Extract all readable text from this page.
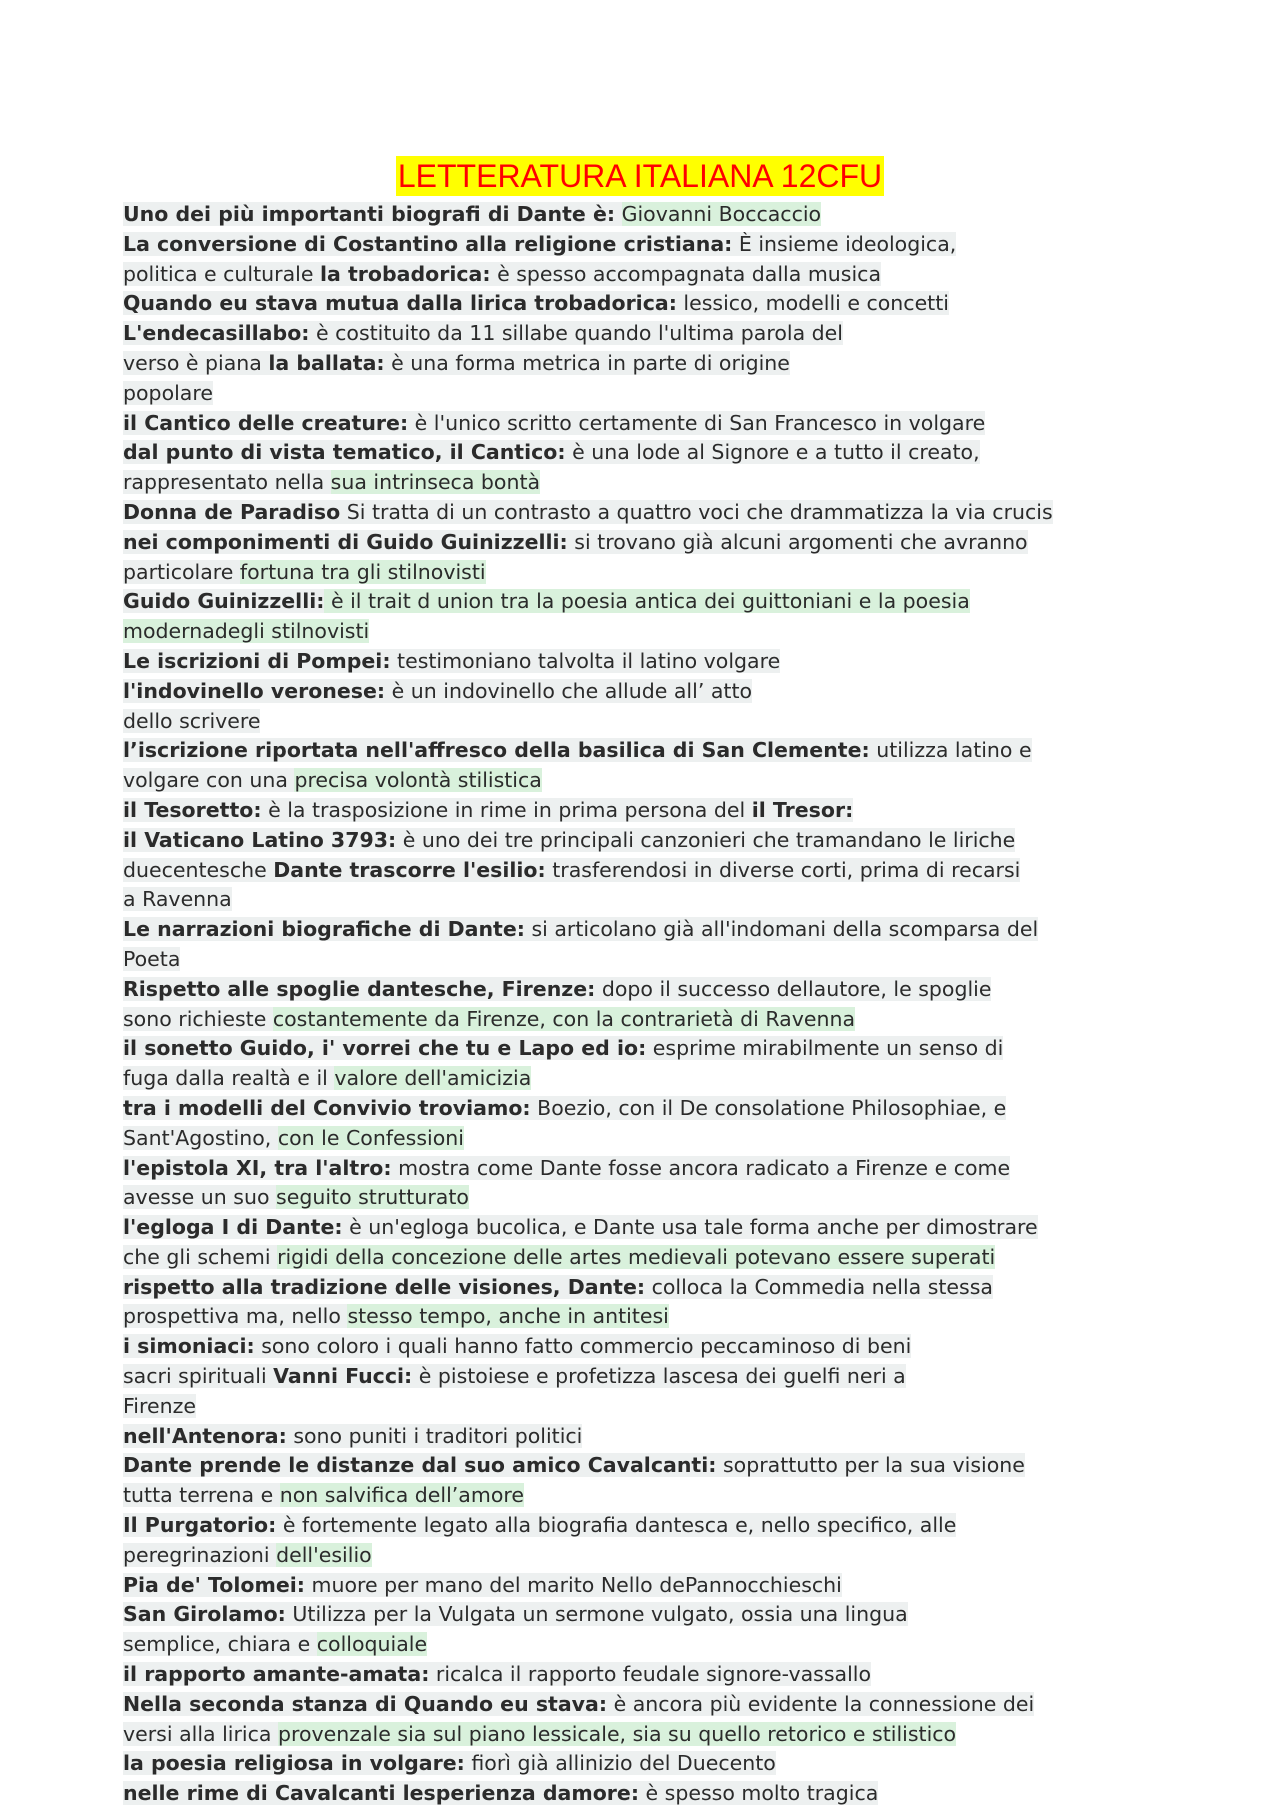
LETTERATURA ITALIANA 12CFU
Uno dei più importanti biografi di Dante è: Giovanni Boccaccio
La conversione di Costantino alla religione cristiana: È insieme ideologica,
politica e culturale la trobadorica: è spesso accompagnata dalla musica
Quando eu stava mutua dalla lirica trobadorica: lessico, modelli e concetti
L'endecasillabo: è costituito da 11 sillabe quando l'ultima parola del
verso è piana la ballata: è una forma metrica in parte di origine
popolare
il Cantico delle creature: è l'unico scritto certamente di San Francesco in volgare
dal punto di vista tematico, il Cantico: è una lode al Signore e a tutto il creato,
rappresentato nella sua intrinseca bontà
Donna de Paradiso Si tratta di un contrasto a quattro voci che drammatizza la via crucis
nei componimenti di Guido Guinizzelli: si trovano già alcuni argomenti che avranno
particolare fortuna tra gli stilnovisti
Guido Guinizzelli: è il trait d union tra la poesia antica dei guittoniani e la poesia
modernadegli stilnovisti
Le iscrizioni di Pompei: testimoniano talvolta il latino volgare
l'indovinello veronese: è un indovinello che allude all’ atto
dello scrivere
l’iscrizione riportata nell'affresco della basilica di San Clemente: utilizza latino e
volgare con una precisa volontà stilistica
il Tesoretto: è la trasposizione in rime in prima persona del il Tresor:
il Vaticano Latino 3793: è uno dei tre principali canzonieri che tramandano le liriche
duecentesche Dante trascorre l'esilio: trasferendosi in diverse corti, prima di recarsi
a Ravenna
Le narrazioni biografiche di Dante: si articolano già all'indomani della scomparsa del
Poeta
Rispetto alle spoglie dantesche, Firenze: dopo il successo dellautore, le spoglie
sono richieste costantemente da Firenze, con la contrarietà di Ravenna
il sonetto Guido, i' vorrei che tu e Lapo ed io: esprime mirabilmente un senso di
fuga dalla realtà e il valore dell'amicizia
tra i modelli del Convivio troviamo: Boezio, con il De consolatione Philosophiae, e
Sant'Agostino, con le Confessioni
l'epistola XI, tra l'altro: mostra come Dante fosse ancora radicato a Firenze e come
avesse un suo seguito strutturato
l'egloga I di Dante: è un'egloga bucolica, e Dante usa tale forma anche per dimostrare
che gli schemi rigidi della concezione delle artes medievali potevano essere superati
rispetto alla tradizione delle visiones, Dante: colloca la Commedia nella stessa
prospettiva ma, nello stesso tempo, anche in antitesi
i simoniaci: sono coloro i quali hanno fatto commercio peccaminoso di beni
sacri spirituali Vanni Fucci: è pistoiese e profetizza lascesa dei guelfi neri a
Firenze
nell'Antenora: sono puniti i traditori politici
Dante prende le distanze dal suo amico Cavalcanti: soprattutto per la sua visione
tutta terrena e non salvifica dell’amore
Il Purgatorio: è fortemente legato alla biografia dantesca e, nello specifico, alle
peregrinazioni dell'esilio
Pia de' Tolomei: muore per mano del marito Nello dePannocchieschi
San Girolamo: Utilizza per la Vulgata un sermone vulgato, ossia una lingua
semplice, chiara e colloquiale
il rapporto amante-amata: ricalca il rapporto feudale signore-vassallo
Nella seconda stanza di Quando eu stava: è ancora più evidente la connessione dei
versi alla lirica provenzale sia sul piano lessicale, sia su quello retorico e stilistico
la poesia religiosa in volgare: fiorì già allinizio del Duecento
nelle rime di Cavalcanti lesperienza damore: è spesso molto tragica
